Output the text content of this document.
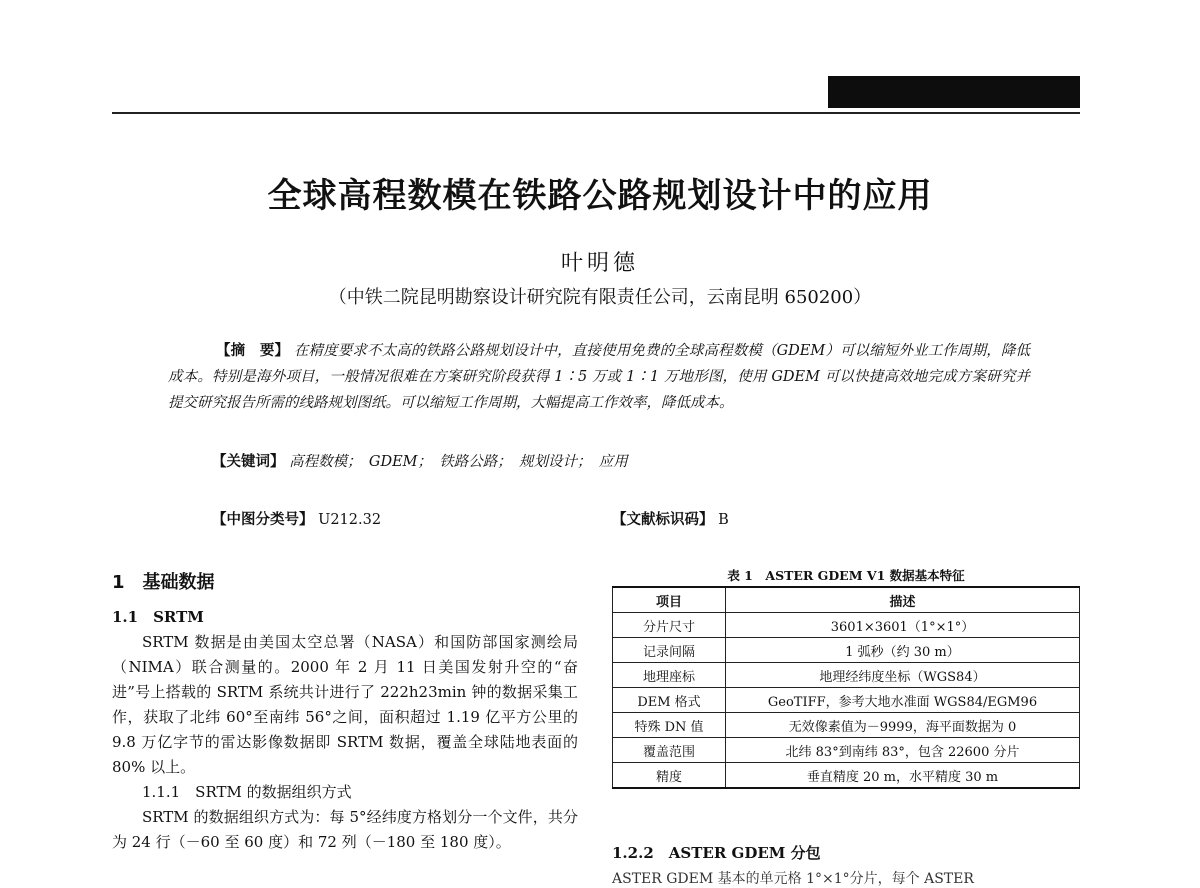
全球高程数模在铁路公路规划设计中的应用
叶明德
（中铁二院昆明勘察设计研究院有限责任公司，云南昆明 650200）
【摘　要】 在精度要求不太高的铁路公路规划设计中，直接使用免费的全球高程数模（GDEM）可以缩短外业工作周期，降低成本。特别是海外项目，一般情况很难在方案研究阶段获得 1∶5 万或 1∶1 万地形图，使用 GDEM 可以快捷高效地完成方案研究并提交研究报告所需的线路规划图纸。可以缩短工作周期，大幅提高工作效率，降低成本。
【关键词】 高程数模；　GDEM；　铁路公路；　规划设计；　应用
【中图分类号】 U212.32	【文献标识码】 B
1　基础数据
1.1　SRTM

SRTM 数据是由美国太空总署（NASA）和国防部国家测绘局（NIMA）联合测量的。2000 年 2 月 11 日美国发射升空的“奋进”号上搭载的 SRTM 系统共计进行了 222h23min 钟的数据采集工作，获取了北纬 60°至南纬 56°之间，面积超过 1.19 亿平方公里的 9.8 万亿字节的雷达影像数据即 SRTM 数据，覆盖全球陆地表面的 80% 以上。

1.1.1　SRTM 的数据组织方式

SRTM 的数据组织方式为：每 5°经纬度方格划分一个文件，共分为 24 行（－60 至 60 度）和 72 列（－180 至 180 度）。

表 1　ASTER GDEM V1 数据基本特征
项目	描述
分片尺寸	3601×3601（1°×1°）
记录间隔	1 弧秒（约 30 m）
地理座标	地理经纬度坐标（WGS84）
DEM 格式	GeoTIFF，参考大地水准面 WGS84/EGM96
特殊 DN 值	无效像素值为－9999，海平面数据为 0
覆盖范围	北纬 83°到南纬 83°，包含 22600 分片
精度	垂直精度 20 m，水平精度 30 m
1.2.2　ASTER GDEM 分包
ASTER GDEM 基本的单元格 1°×1°分片，每个 ASTER
